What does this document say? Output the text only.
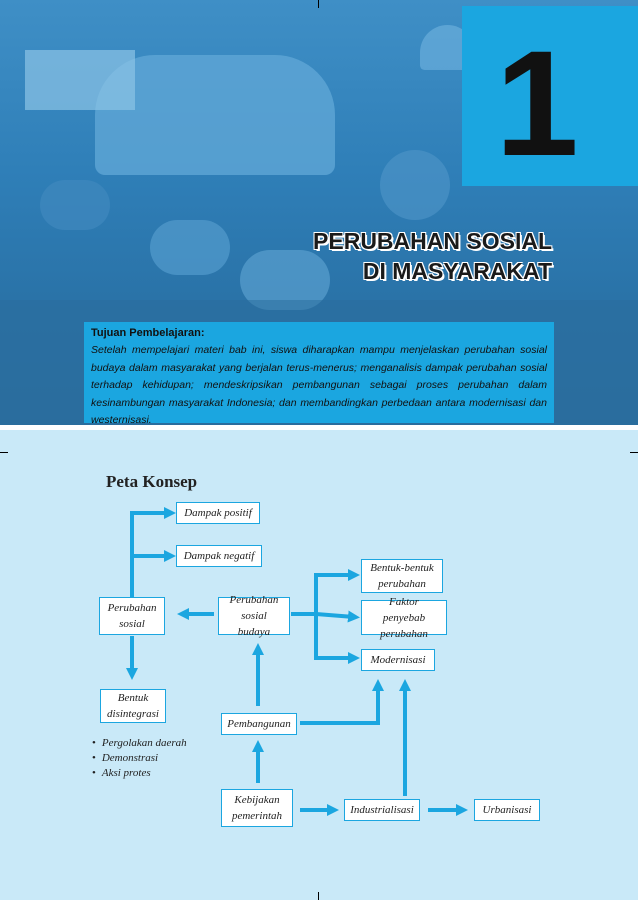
1
PERUBAHAN SOSIAL
DI MASYARAKAT
Tujuan Pembelajaran:
Setelah mempelajari materi bab ini, siswa diharapkan mampu menjelaskan perubahan sosial budaya dalam masyarakat yang berjalan terus-menerus; menganalisis dampak perubahan sosial terhadap kehidupan; mendeskripsikan pembangunan sebagai proses perubahan dalam kesinambungan masyarakat Indonesia; dan membandingkan perbedaan antara modernisasi dan westernisasi.
Peta Konsep
Dampak positif
Dampak negatif
Bentuk-bentuk perubahan
Perubahan sosial
Perubahan sosial budaya
Faktor penyebab perubahan
Modernisasi
Bentuk disintegrasi
Pembangunan
Kebijakan pemerintah	Industrialisasi	Urbanisasi
• Pergolakan daerah
• Demonstrasi
• Aksi protes
